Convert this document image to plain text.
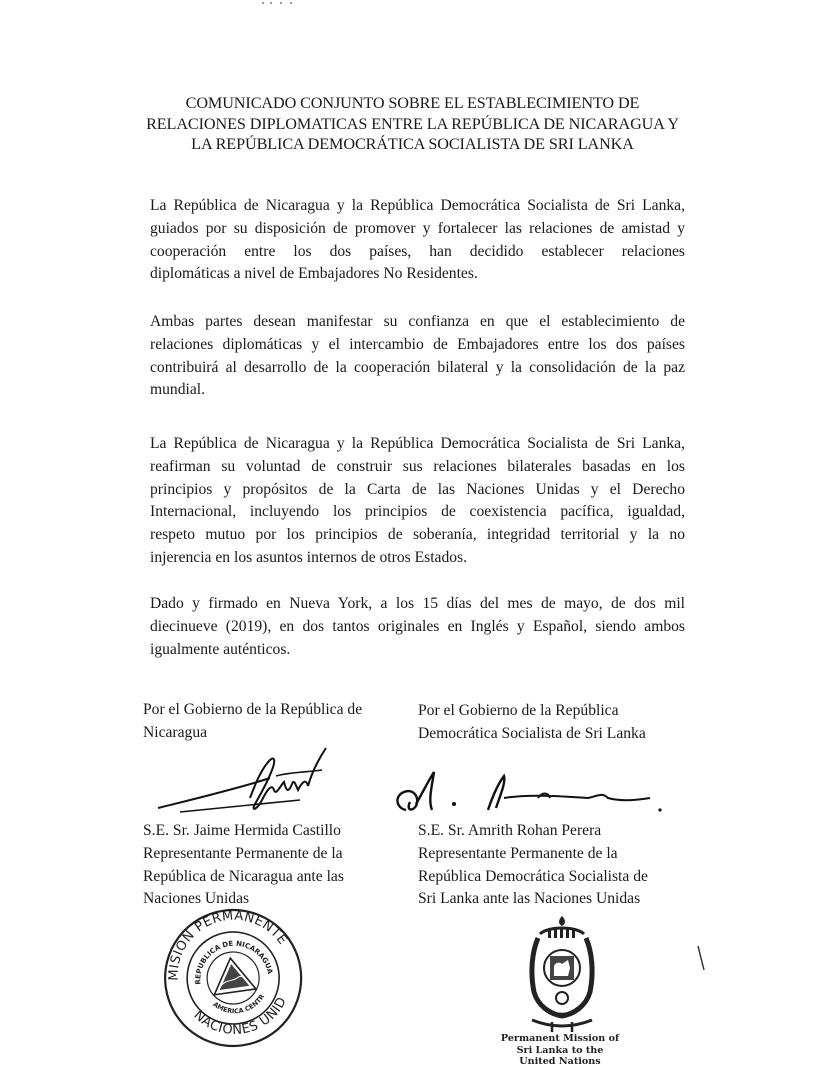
COMUNICADO CONJUNTO SOBRE EL ESTABLECIMIENTO DE
RELACIONES DIPLOMATICAS ENTRE LA REPÚBLICA DE NICARAGUA Y
LA REPÚBLICA DEMOCRÁTICA SOCIALISTA DE SRI LANKA
La República de Nicaragua y la República Democrática Socialista de Sri Lanka,
guiados por su disposición de promover y fortalecer las relaciones de amistad y
cooperación entre los dos países, han decidido establecer relaciones
diplomáticas a nivel de Embajadores No Residentes.
Ambas partes desean manifestar su confianza en que el establecimiento de
relaciones diplomáticas y el intercambio de Embajadores entre los dos países
contribuirá al desarrollo de la cooperación bilateral y la consolidación de la paz
mundial.
La República de Nicaragua y la República Democrática Socialista de Sri Lanka,
reafirman su voluntad de construir sus relaciones bilaterales basadas en los
principios y propósitos de la Carta de las Naciones Unidas y el Derecho
Internacional, incluyendo los principios de coexistencia pacífica, igualdad,
respeto mutuo por los principios de soberanía, integridad territorial y la no
injerencia en los asuntos internos de otros Estados.
Dado y firmado en Nueva York, a los 15 días del mes de mayo, de dos mil
diecinueve (2019), en dos tantos originales en Inglés y Español, siendo ambos
igualmente auténticos.
Por el Gobierno de la República de
Nicaragua
Por el Gobierno de la República
Democrática Socialista de Sri Lanka
S.E. Sr. Jaime Hermida Castillo
Representante Permanente de la
República de Nicaragua ante las
Naciones Unidas
S.E. Sr. Amrith Rohan Perera
Representante Permanente de la
República Democrática Socialista de
Sri Lanka ante las Naciones Unidas
MISION PERMANENTE
NACIONES UNIDAS
REPUBLICA DE NICARAGUA
AMERICA CENTRAL
Permanent Mission of
Sri Lanka to the
United Nations
